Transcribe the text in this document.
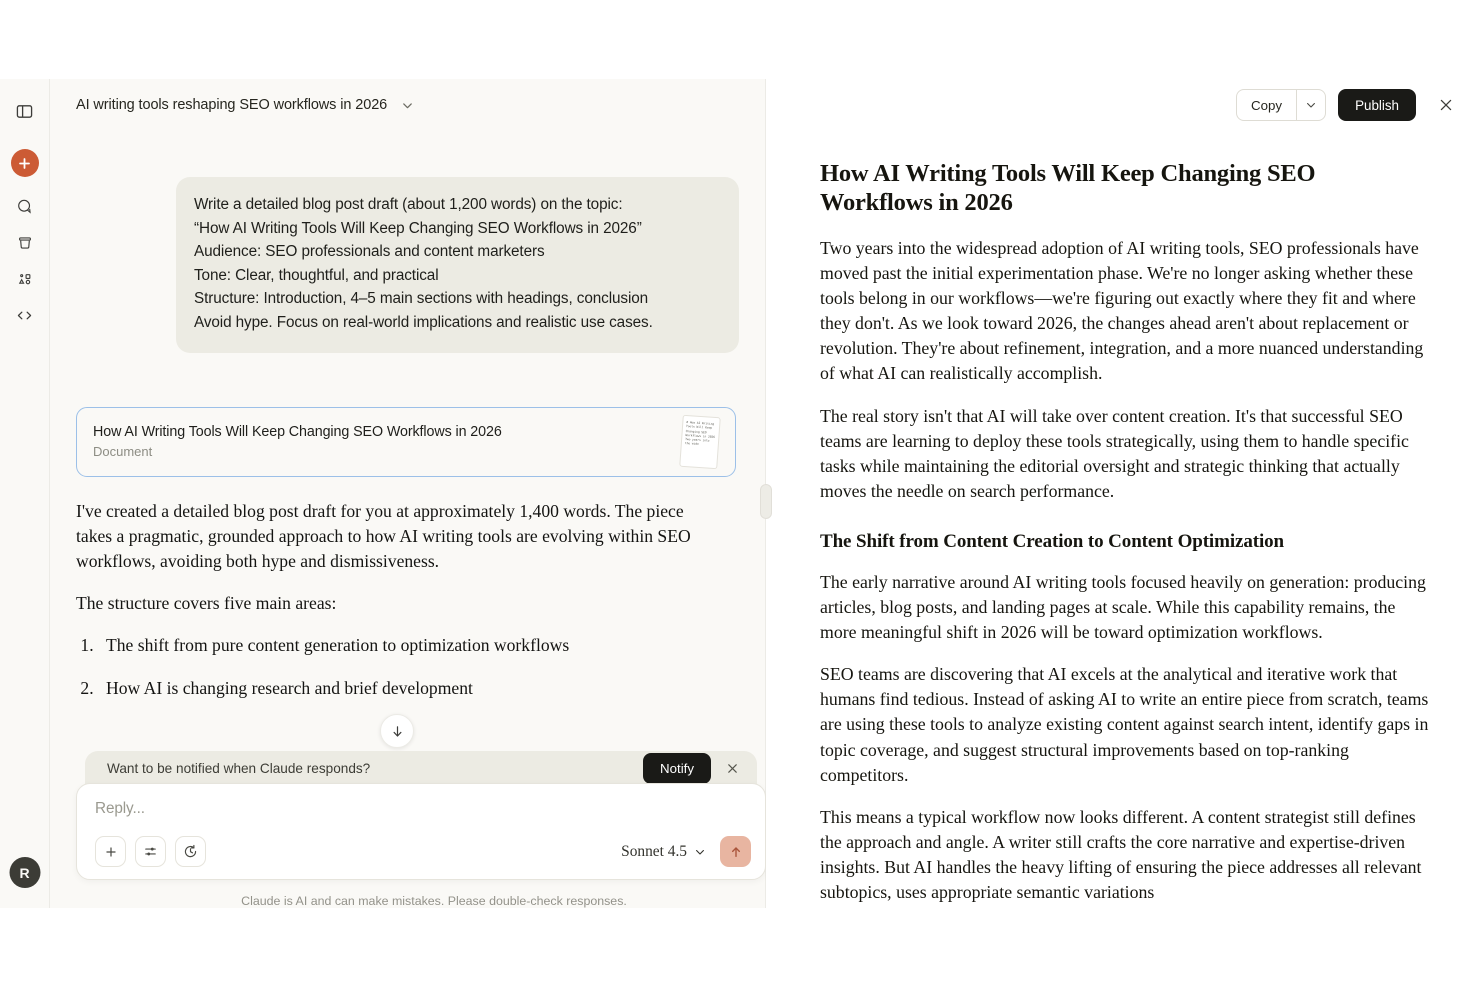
R
AI writing tools reshaping SEO workflows in 2026
Write a detailed blog post draft (about 1,200 words) on the topic:
“How AI Writing Tools Will Keep Changing SEO Workflows in 2026”
Audience: SEO professionals and content marketers
Tone: Clear, thoughtful, and practical
Structure: Introduction, 4–5 main sections with headings, conclusion
Avoid hype. Focus on real-world implications and realistic use cases.
How AI Writing Tools Will Keep Changing SEO Workflows in 2026
Document
# How AI Writing Tools Will Keep Changing SEO Workflows in 2026 Two years into the wide

I've created a detailed blog post draft for you at approximately 1,400 words. The piece takes a pragmatic, grounded approach to how AI writing tools are evolving within SEO workflows, avoiding both hype and dismissiveness.

The structure covers five main areas:

1. The shift from pure content generation to optimization workflows
2. How AI is changing research and brief development
Want to be notified when Claude responds?	Notify
Reply...
Sonnet 4.5
Claude is AI and can make mistakes. Please double-check responses.
Copy	Publish
How AI Writing Tools Will Keep Changing SEO Workflows in 2026

Two years into the widespread adoption of AI writing tools, SEO professionals have moved past the initial experimentation phase. We're no longer asking whether these tools belong in our workflows—we're figuring out exactly where they fit and where they don't. As we look toward 2026, the changes ahead aren't about replacement or revolution. They're about refinement, integration, and a more nuanced understanding of what AI can realistically accomplish.

The real story isn't that AI will take over content creation. It's that successful SEO teams are learning to deploy these tools strategically, using them to handle specific tasks while maintaining the editorial oversight and strategic thinking that actually moves the needle on search performance.

The Shift from Content Creation to Content Optimization

The early narrative around AI writing tools focused heavily on generation: producing articles, blog posts, and landing pages at scale. While this capability remains, the more meaningful shift in 2026 will be toward optimization workflows.

SEO teams are discovering that AI excels at the analytical and iterative work that humans find tedious. Instead of asking AI to write an entire piece from scratch, teams are using these tools to analyze existing content against search intent, identify gaps in topic coverage, and suggest structural improvements based on top-ranking competitors.

This means a typical workflow now looks different. A content strategist still defines the approach and angle. A writer still crafts the core narrative and expertise-driven insights. But AI handles the heavy lifting of ensuring the piece addresses all relevant subtopics, uses appropriate semantic variations
